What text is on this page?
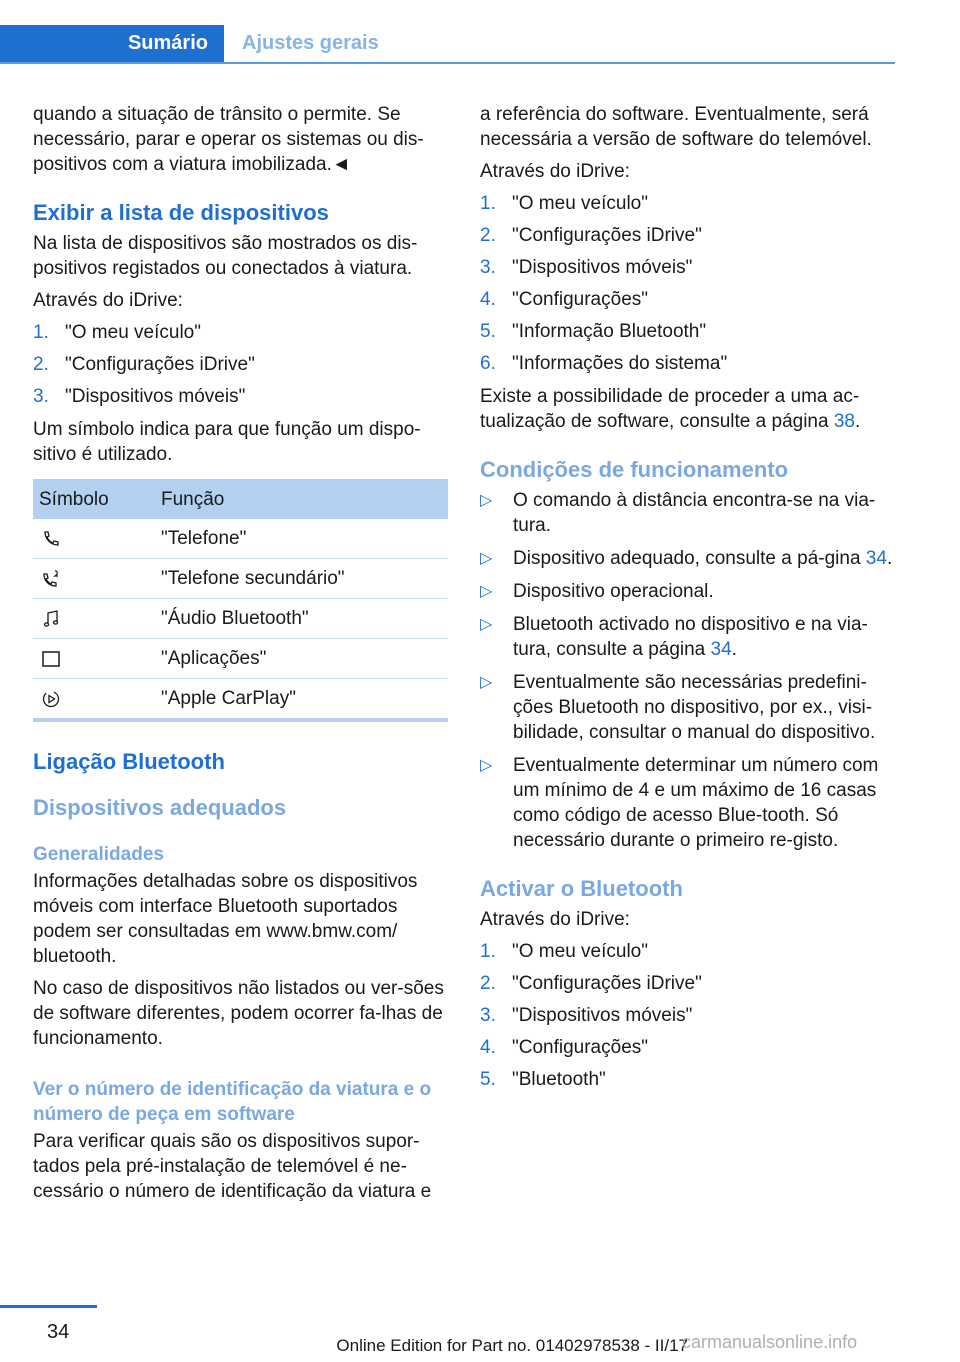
Sumário Ajustes gerais

quando a situação de trânsito o permite. Se necessário, parar e operar os sistemas ou dis-positivos com a viatura imobilizada.◄

Exibir a lista de dispositivos

Na lista de dispositivos são mostrados os dis-positivos registados ou conectados à viatura.

Através do iDrive:

1. "O meu veículo"
2. "Configurações iDrive"
3. "Dispositivos móveis"

Um símbolo indica para que função um dispo-sitivo é utilizado.

Símbolo	Função
	"Telefone"
	"Telefone secundário"
	"Áudio Bluetooth"
	"Aplicações"
	"Apple CarPlay"
Ligação Bluetooth
Dispositivos adequados
Generalidades

Informações detalhadas sobre os dispositivos móveis com interface Bluetooth suportados podem ser consultadas em www.bmw.com/ bluetooth.

No caso de dispositivos não listados ou ver-sões de software diferentes, podem ocorrer fa-lhas de funcionamento.

Ver o número de identificação da viatura e o número de peça em software

Para verificar quais são os dispositivos supor-tados pela pré-instalação de telemóvel é ne-cessário o número de identificação da viatura e

a referência do software. Eventualmente, será necessária a versão de software do telemóvel.

Através do iDrive:

1. "O meu veículo"
2. "Configurações iDrive"
3. "Dispositivos móveis"
4. "Configurações"
5. "Informação Bluetooth"
6. "Informações do sistema"

Existe a possibilidade de proceder a uma ac-tualização de software, consulte a página 38.

Condições de funcionamento
▷ O comando à distância encontra-se na via-tura.
▷ Dispositivo adequado, consulte a pá-gina 34.
▷ Dispositivo operacional.
▷ Bluetooth activado no dispositivo e na via-tura, consulte a página 34.
▷ Eventualmente são necessárias predefini-ções Bluetooth no dispositivo, por ex., visi-bilidade, consultar o manual do dispositivo.
▷ Eventualmente determinar um número com um mínimo de 4 e um máximo de 16 casas como código de acesso Blue-tooth. Só necessário durante o primeiro re-gisto.
Activar o Bluetooth

Através do iDrive:

1. "O meu veículo"
2. "Configurações iDrive"
3. "Dispositivos móveis"
4. "Configurações"
5. "Bluetooth"
34
Online Edition for Part no. 01402978538 - II/17
carmanualsonline.info
